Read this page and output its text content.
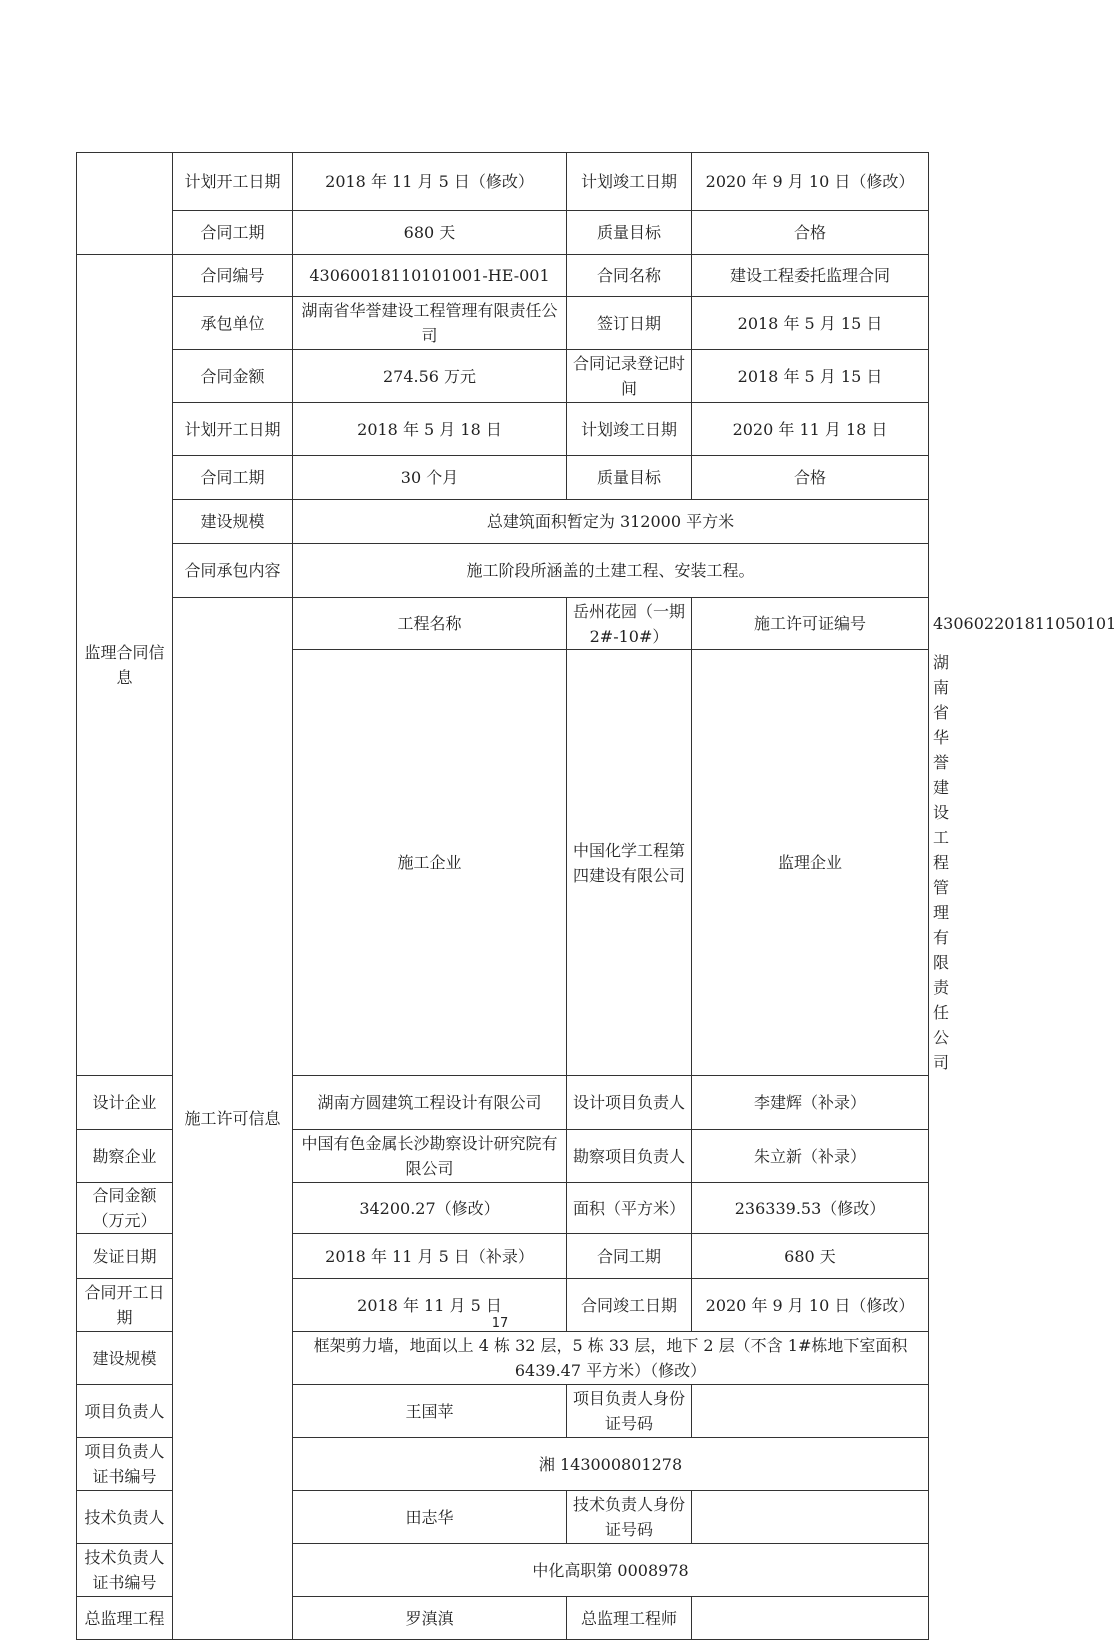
	计划开工日期	2018 年 11 月 5 日（修改）	计划竣工日期	2020 年 9 月 10 日（修改）	
	合同工期	680 天	质量目标	合格	
监理合同信息	合同编号	43060018110101001-HE-001	合同名称	建设工程委托监理合同	
	承包单位	湖南省华誉建设工程管理有限责任公司	签订日期	2018 年 5 月 15 日	
	合同金额	274.56 万元	合同记录登记时间	2018 年 5 月 15 日	
	计划开工日期	2018 年 5 月 18 日	计划竣工日期	2020 年 11 月 18 日	
	合同工期	30 个月	质量目标	合格	
	建设规模	总建筑面积暂定为 312000 平方米			
	合同承包内容	施工阶段所涵盖的土建工程、安装工程。			
	施工许可信息	工程名称	岳州花园（一期 2#-10#）	施工许可证编号	430602201811050101
		施工企业	中国化学工程第四建设有限公司	监理企业	湖南省华誉建设工程管理有限责任公司
设计企业		湖南方圆建筑工程设计有限公司	设计项目负责人	李建辉（补录）	
勘察企业		中国有色金属长沙勘察设计研究院有限公司	勘察项目负责人	朱立新（补录）	
合同金额（万元）		34200.27（修改）	面积（平方米）	236339.53（修改）	
发证日期		2018 年 11 月 5 日（补录）	合同工期	680 天	
合同开工日期		2018 年 11 月 5 日	合同竣工日期	2020 年 9 月 10 日（修改）	
建设规模		框架剪力墙，地面以上 4 栋 32 层，5 栋 33 层，地下 2 层（不含 1#栋地下室面积 6439.47 平方米）（修改）			
项目负责人		王国苹	项目负责人身份证号码		
项目负责人证书编号		湘 143000801278			
技术负责人		田志华	技术负责人身份证号码		
技术负责人证书编号		中化高职第 0008978			
总监理工程		罗滇滇	总监理工程师		
17
